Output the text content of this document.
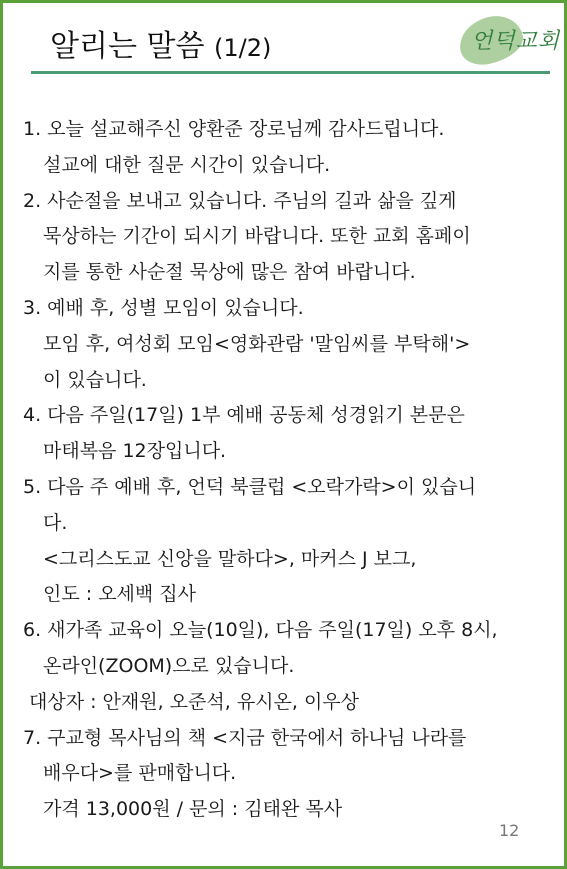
알리는 말씀 (1/2)	언덕교회
1. 오늘 설교해주신 양환준 장로님께 감사드립니다.
설교에 대한 질문 시간이 있습니다.
2. 사순절을 보내고 있습니다. 주님의 길과 삶을 깊게
묵상하는 기간이 되시기 바랍니다. 또한 교회 홈페이
지를 통한 사순절 묵상에 많은 참여 바랍니다.
3. 예배 후, 성별 모임이 있습니다.
모임 후, 여성회 모임<영화관람 '말임씨를 부탁해'>
이 있습니다.
4. 다음 주일(17일) 1부 예배 공동체 성경읽기 본문은
마태복음 12장입니다.
5. 다음 주 예배 후, 언덕 북클럽 <오락가락>이 있습니
다.
<그리스도교 신앙을 말하다>, 마커스 J 보그,
인도 : 오세백 집사
6. 새가족 교육이 오늘(10일), 다음 주일(17일) 오후 8시,
온라인(ZOOM)으로 있습니다.
대상자 : 안재원, 오준석, 유시온, 이우상
7. 구교형 목사님의 책 <지금 한국에서 하나님 나라를
배우다>를 판매합니다.
가격 13,000원 / 문의 : 김태완 목사
12
